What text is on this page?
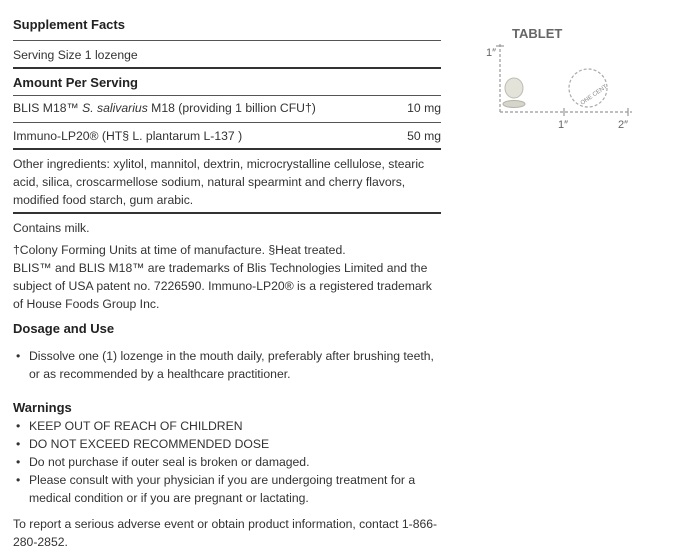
Supplement Facts
Serving Size 1 lozenge
Amount Per Serving
BLIS M18™ S. salivarius M18 (providing 1 billion CFU†)	10 mg
Immuno-LP20® (HT§ L. plantarum L-137 )	50 mg
Other ingredients: xylitol, mannitol, dextrin, microcrystalline cellulose, stearic acid, silica, croscarmellose sodium, natural spearmint and cherry flavors, modified food starch, gum arabic.
Contains milk.
†Colony Forming Units at time of manufacture. §Heat treated.
BLIS™ and BLIS M18™ are trademarks of Blis Technologies Limited and the subject of USA patent no. 7226590. Immuno-LP20® is a registered trademark of House Foods Group Inc.
Dosage and Use
• Dissolve one (1) lozenge in the mouth daily, preferably after brushing teeth, or as recommended by a healthcare practitioner.
Warnings
• KEEP OUT OF REACH OF CHILDREN
• DO NOT EXCEED RECOMMENDED DOSE
• Do not purchase if outer seal is broken or damaged.
• Please consult with your physician if you are undergoing treatment for a medical condition or if you are pregnant or lactating.
To report a serious adverse event or obtain product information, contact 1-866-280-2852.
TABLET
1″
1″	2″
ONE CENT
